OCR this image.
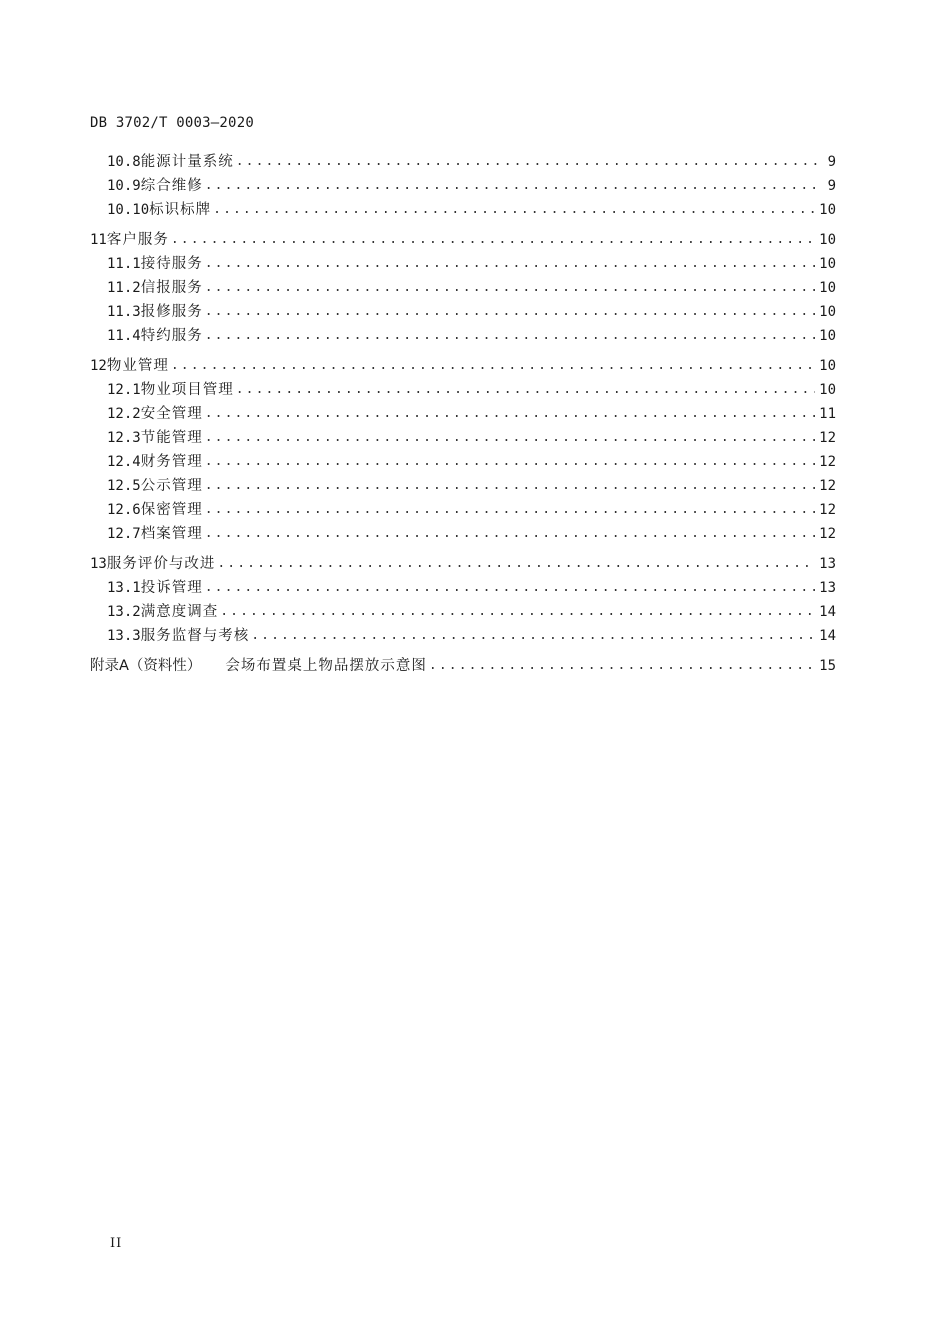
DB 3702/T 0003—2020
10.8 能源计量系统 .....	9
10.9 综合维修 .....	9
10.10 标识标牌 .....	10
11 客户服务 .....	10
11.1 接待服务 .....	10
11.2 信报服务 .....	10
11.3 报修服务 .....	10
11.4 特约服务 .....	10
12 物业管理 .....	10
12.1 物业项目管理 .....	10
12.2 安全管理 .....	11
12.3 节能管理 .....	12
12.4 财务管理 .....	12
12.5 公示管理 .....	12
12.6 保密管理 .....	12
12.7 档案管理 .....	12
13 服务评价与改进 .....	13
13.1 投诉管理 .....	13
13.2 满意度调查 .....	14
13.3 服务监督与考核 .....	14
附录A（资料性） 会场布置桌上物品摆放示意图 .....	15
II
